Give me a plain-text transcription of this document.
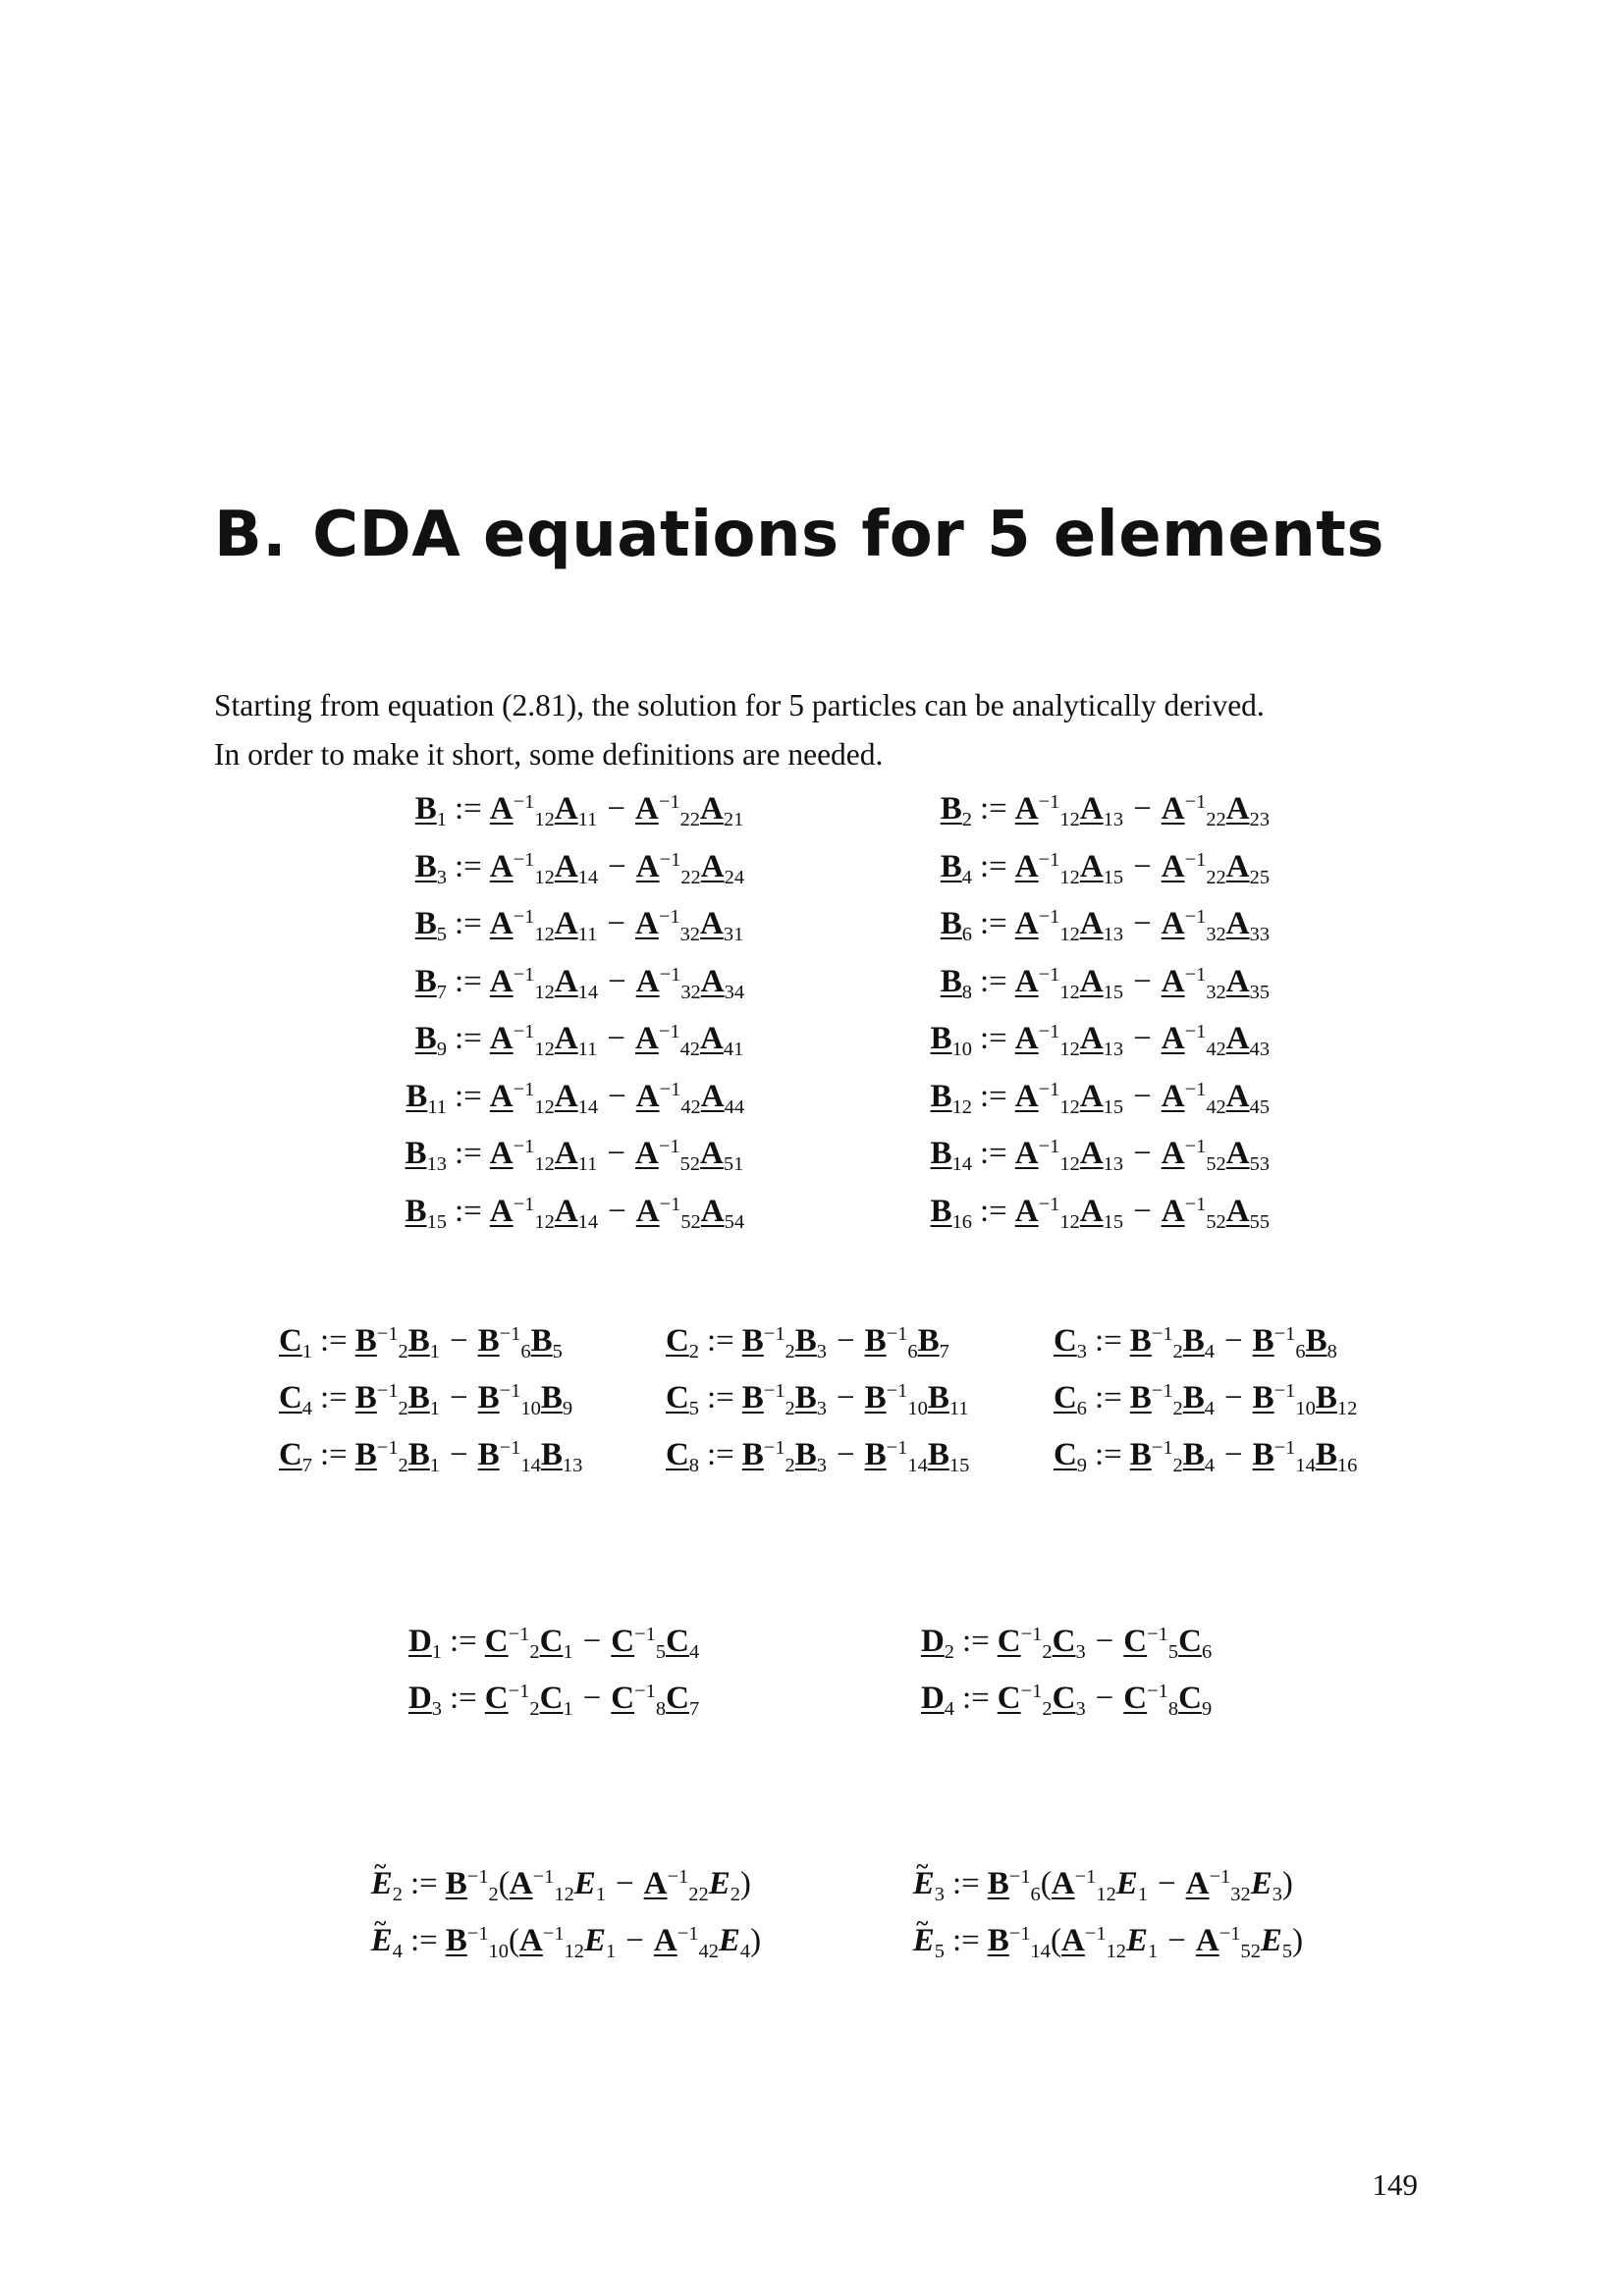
B. CDA equations for 5 elements

Starting from equation (2.81), the solution for 5 particles can be analytically derived.

In order to make it short, some definitions are needed.

$B_1$ := $A^{-1}_{12}A_{11} - A^{-1}_{22}A_{21}$	$B_2$ := $A^{-1}_{12}A_{13} - A^{-1}_{22}A_{23}$
$B_3$ := $A^{-1}_{12}A_{14} - A^{-1}_{22}A_{24}$	$B_4$ := $A^{-1}_{12}A_{15} - A^{-1}_{22}A_{25}$
$B_5$ := $A^{-1}_{12}A_{11} - A^{-1}_{32}A_{31}$	$B_6$ := $A^{-1}_{12}A_{13} - A^{-1}_{32}A_{33}$
$B_7$ := $A^{-1}_{12}A_{14} - A^{-1}_{32}A_{34}$	$B_8$ := $A^{-1}_{12}A_{15} - A^{-1}_{32}A_{35}$
$B_9$ := $A^{-1}_{12}A_{11} - A^{-1}_{42}A_{41}$	$B_{10}$ := $A^{-1}_{12}A_{13} - A^{-1}_{42}A_{43}$
$B_{11}$ := $A^{-1}_{12}A_{14} - A^{-1}_{42}A_{44}$	$B_{12}$ := $A^{-1}_{12}A_{15} - A^{-1}_{42}A_{45}$
$B_{13}$ := $A^{-1}_{12}A_{11} - A^{-1}_{52}A_{51}$	$B_{14}$ := $A^{-1}_{12}A_{13} - A^{-1}_{52}A_{53}$
$B_{15}$ := $A^{-1}_{12}A_{14} - A^{-1}_{52}A_{54}$	$B_{16}$ := $A^{-1}_{12}A_{15} - A^{-1}_{52}A_{55}$
$C_1$ := $B^{-1}_2B_1 - B^{-1}_6B_5$	$C_2$ := $B^{-1}_2B_3 - B^{-1}_6B_7$	$C_3$ := $B^{-1}_2B_4 - B^{-1}_6B_8$
$C_4$ := $B^{-1}_2B_1 - B^{-1}_{10}B_9$	$C_5$ := $B^{-1}_2B_3 - B^{-1}_{10}B_{11}$	$C_6$ := $B^{-1}_2B_4 - B^{-1}_{10}B_{12}$
$C_7$ := $B^{-1}_2B_1 - B^{-1}_{14}B_{13}$	$C_8$ := $B^{-1}_2B_3 - B^{-1}_{14}B_{15}$	$C_9$ := $B^{-1}_2B_4 - B^{-1}_{14}B_{16}$
$D_1$ := $C^{-1}_2C_1 - C^{-1}_5C_4$	$D_2$ := $C^{-1}_2C_3 - C^{-1}_5C_6$
$D_3$ := $C^{-1}_2C_1 - C^{-1}_8C_7$	$D_4$ := $C^{-1}_2C_3 - C^{-1}_8C_9$
~ $E_2$ := $B^{-1}_2(A^{-1}_{12}E_1 - A^{-1}_{22}E_2)$	~ $E_3$ := $B^{-1}_6(A^{-1}_{12}E_1 - A^{-1}_{32}E_3)$
~ $E_4$ := $B^{-1}_{10}(A^{-1}_{12}E_1 - A^{-1}_{42}E_4)$	~ $E_5$ := $B^{-1}_{14}(A^{-1}_{12}E_1 - A^{-1}_{52}E_5)$
149
